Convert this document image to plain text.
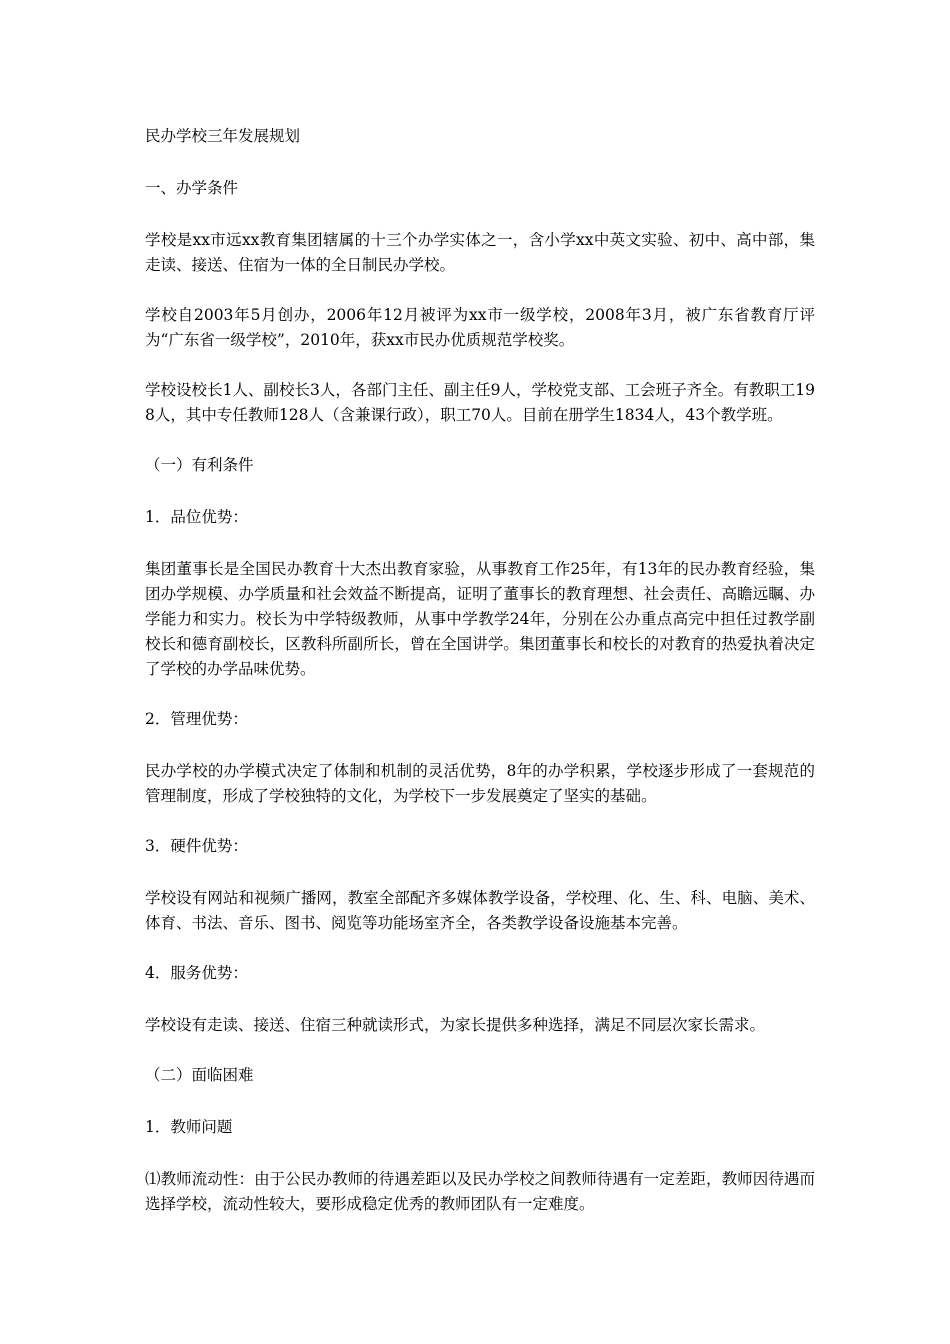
民办学校三年发展规划

一、办学条件

学校是xx市远xx教育集团辖属的十三个办学实体之一，含小学xx中英文实验、初中、高中部，集走读、接送、住宿为一体的全日制民办学校。

学校自2003年5月创办，2006年12月被评为xx市一级学校，2008年3月，被广东省教育厅评为“广东省一级学校”，2010年，获xx市民办优质规范学校奖。

学校设校长1人、副校长3人，各部门主任、副主任9人，学校党支部、工会班子齐全。有教职工198人，其中专任教师128人（含兼课行政），职工70人。目前在册学生1834人，43个教学班。

（一）有利条件

1．品位优势：

集团董事长是全国民办教育十大杰出教育家验，从事教育工作25年，有13年的民办教育经验，集团办学规模、办学质量和社会效益不断提高，证明了董事长的教育理想、社会责任、高瞻远瞩、办学能力和实力。校长为中学特级教师，从事中学教学24年，分别在公办重点高完中担任过教学副校长和德育副校长，区教科所副所长，曾在全国讲学。集团董事长和校长的对教育的热爱执着决定了学校的办学品味优势。

2．管理优势：

民办学校的办学模式决定了体制和机制的灵活优势，8年的办学积累，学校逐步形成了一套规范的管理制度，形成了学校独特的文化，为学校下一步发展奠定了坚实的基础。

3．硬件优势：

学校设有网站和视频广播网，教室全部配齐多媒体教学设备，学校理、化、生、科、电脑、美术、体育、书法、音乐、图书、阅览等功能场室齐全，各类教学设备设施基本完善。

4．服务优势：

学校设有走读、接送、住宿三种就读形式，为家长提供多种选择，满足不同层次家长需求。

（二）面临困难

1．教师问题

⑴教师流动性：由于公民办教师的待遇差距以及民办学校之间教师待遇有一定差距，教师因待遇而选择学校，流动性较大，要形成稳定优秀的教师团队有一定难度。
